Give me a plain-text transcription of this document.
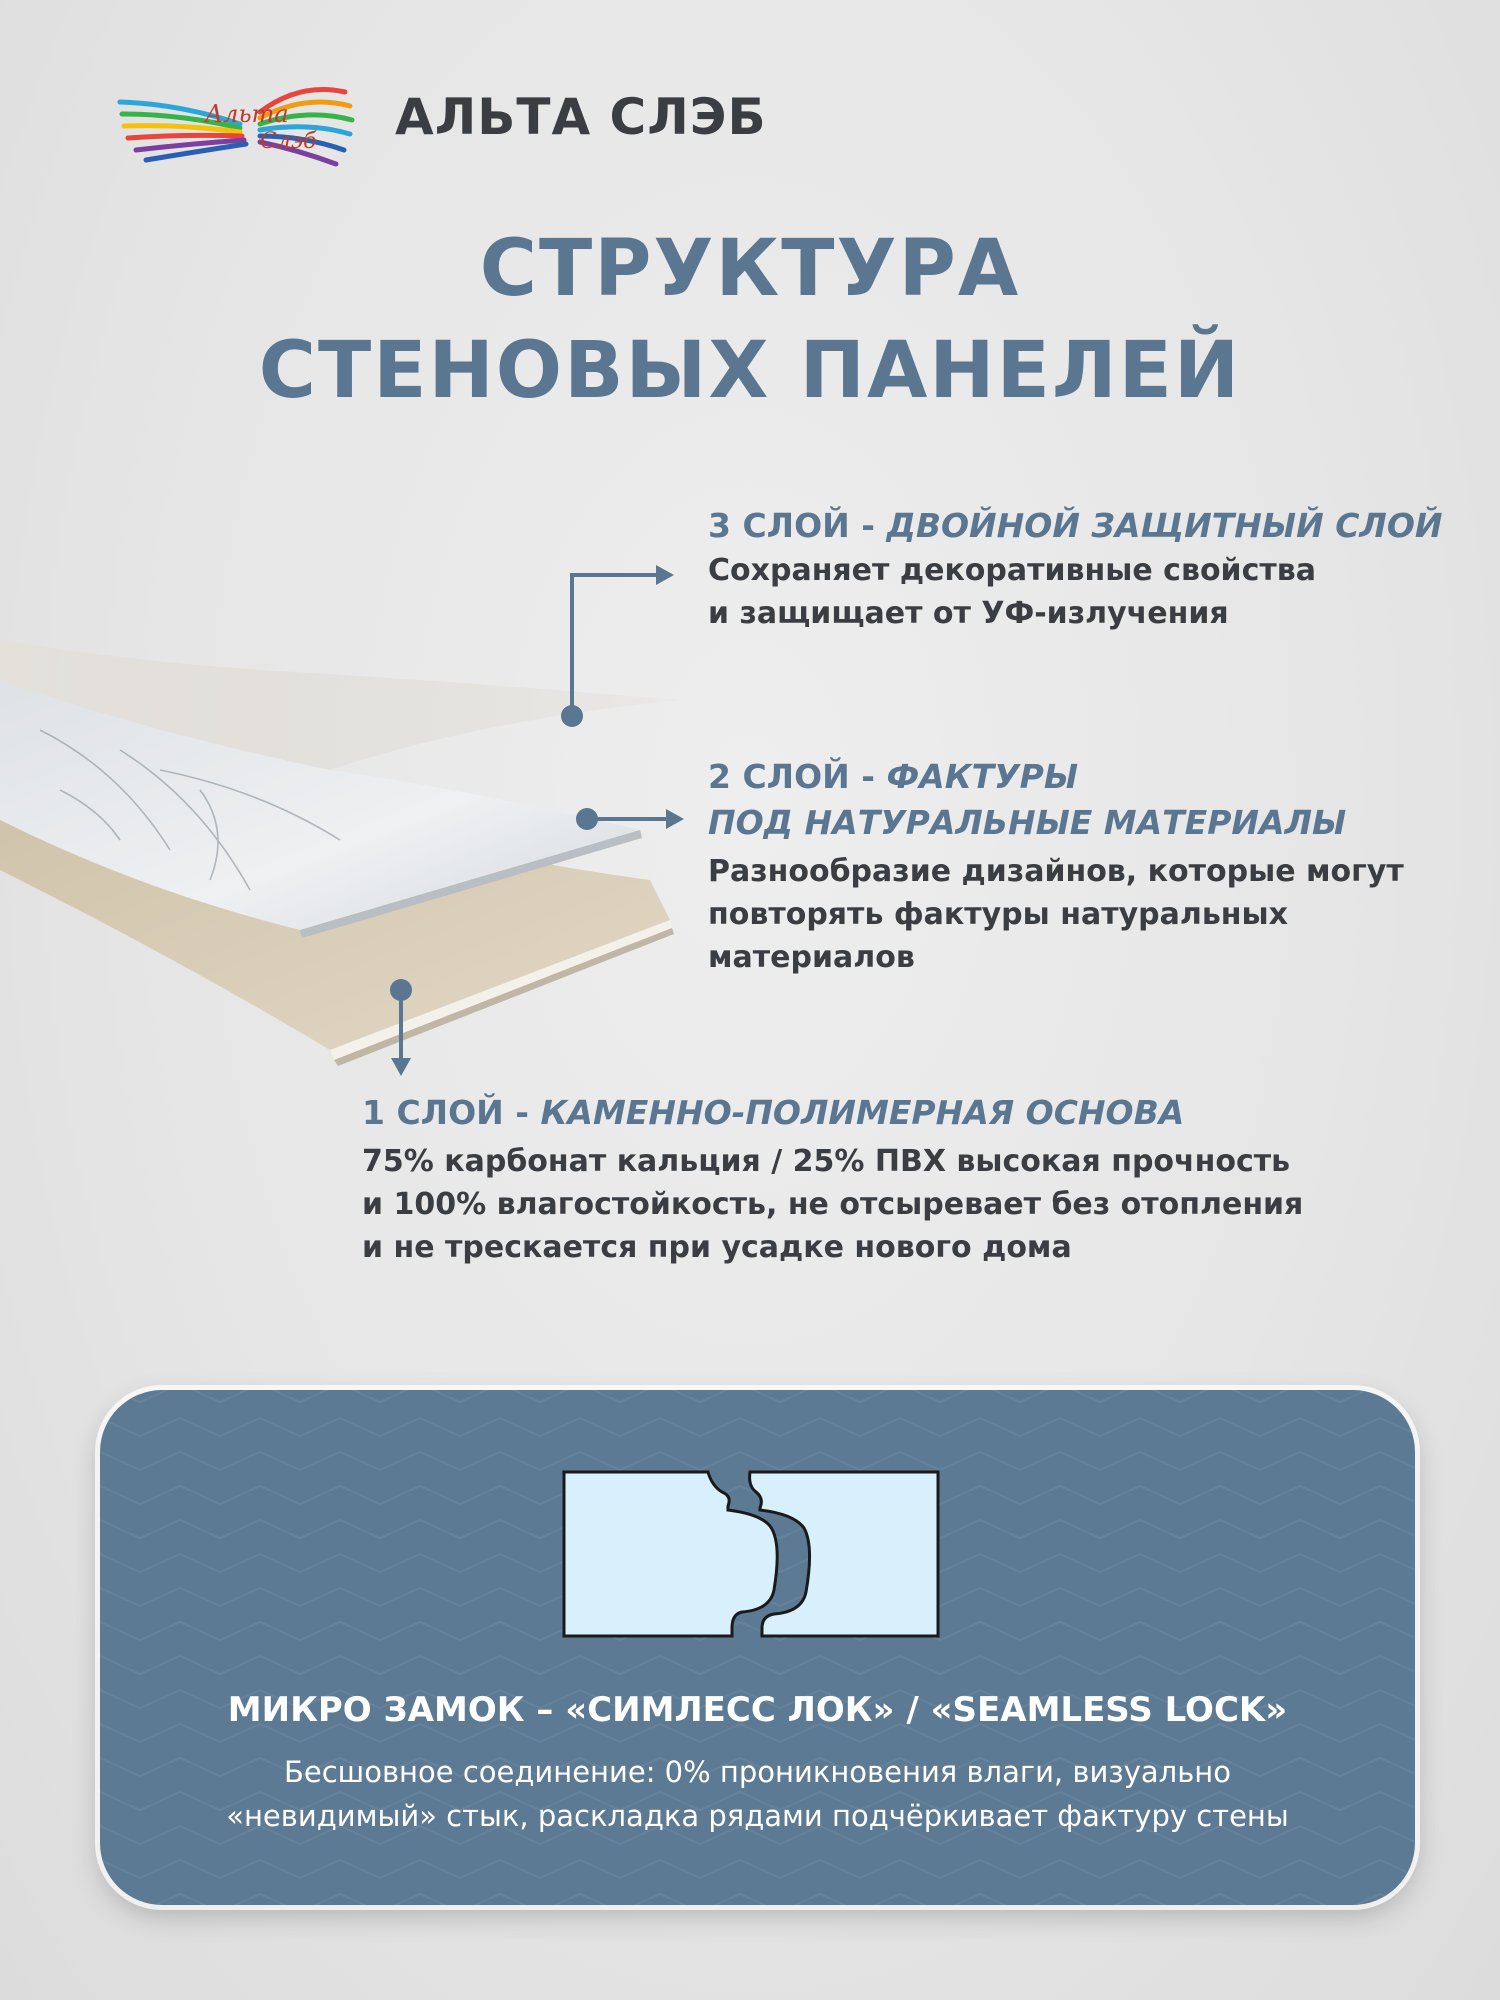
Альта
Слэб АЛЬТА СЛЭБ
СТРУКТУРА
СТЕНОВЫХ ПАНЕЛЕЙ
3 СЛОЙ - ДВОЙНОЙ ЗАЩИТНЫЙ СЛОЙ
Сохраняет декоративные свойства
и защищает от УФ-излучения
2 СЛОЙ - ФАКТУРЫ
ПОД НАТУРАЛЬНЫЕ МАТЕРИАЛЫ
Разнообразие дизайнов, которые могут
повторять фактуры натуральных
материалов
1 СЛОЙ - КАМЕННО-ПОЛИМЕРНАЯ ОСНОВА
75% карбонат кальция / 25% ПВХ высокая прочность
и 100% влагостойкость, не отсыревает без отопления
и не трескается при усадке нового дома
МИКРО ЗАМОК – «СИМЛЕСС ЛОК» / «SEAMLESS LOCK»
Бесшовное соединение: 0% проникновения влаги, визуально
«невидимый» стык, раскладка рядами подчёркивает фактуру стены
